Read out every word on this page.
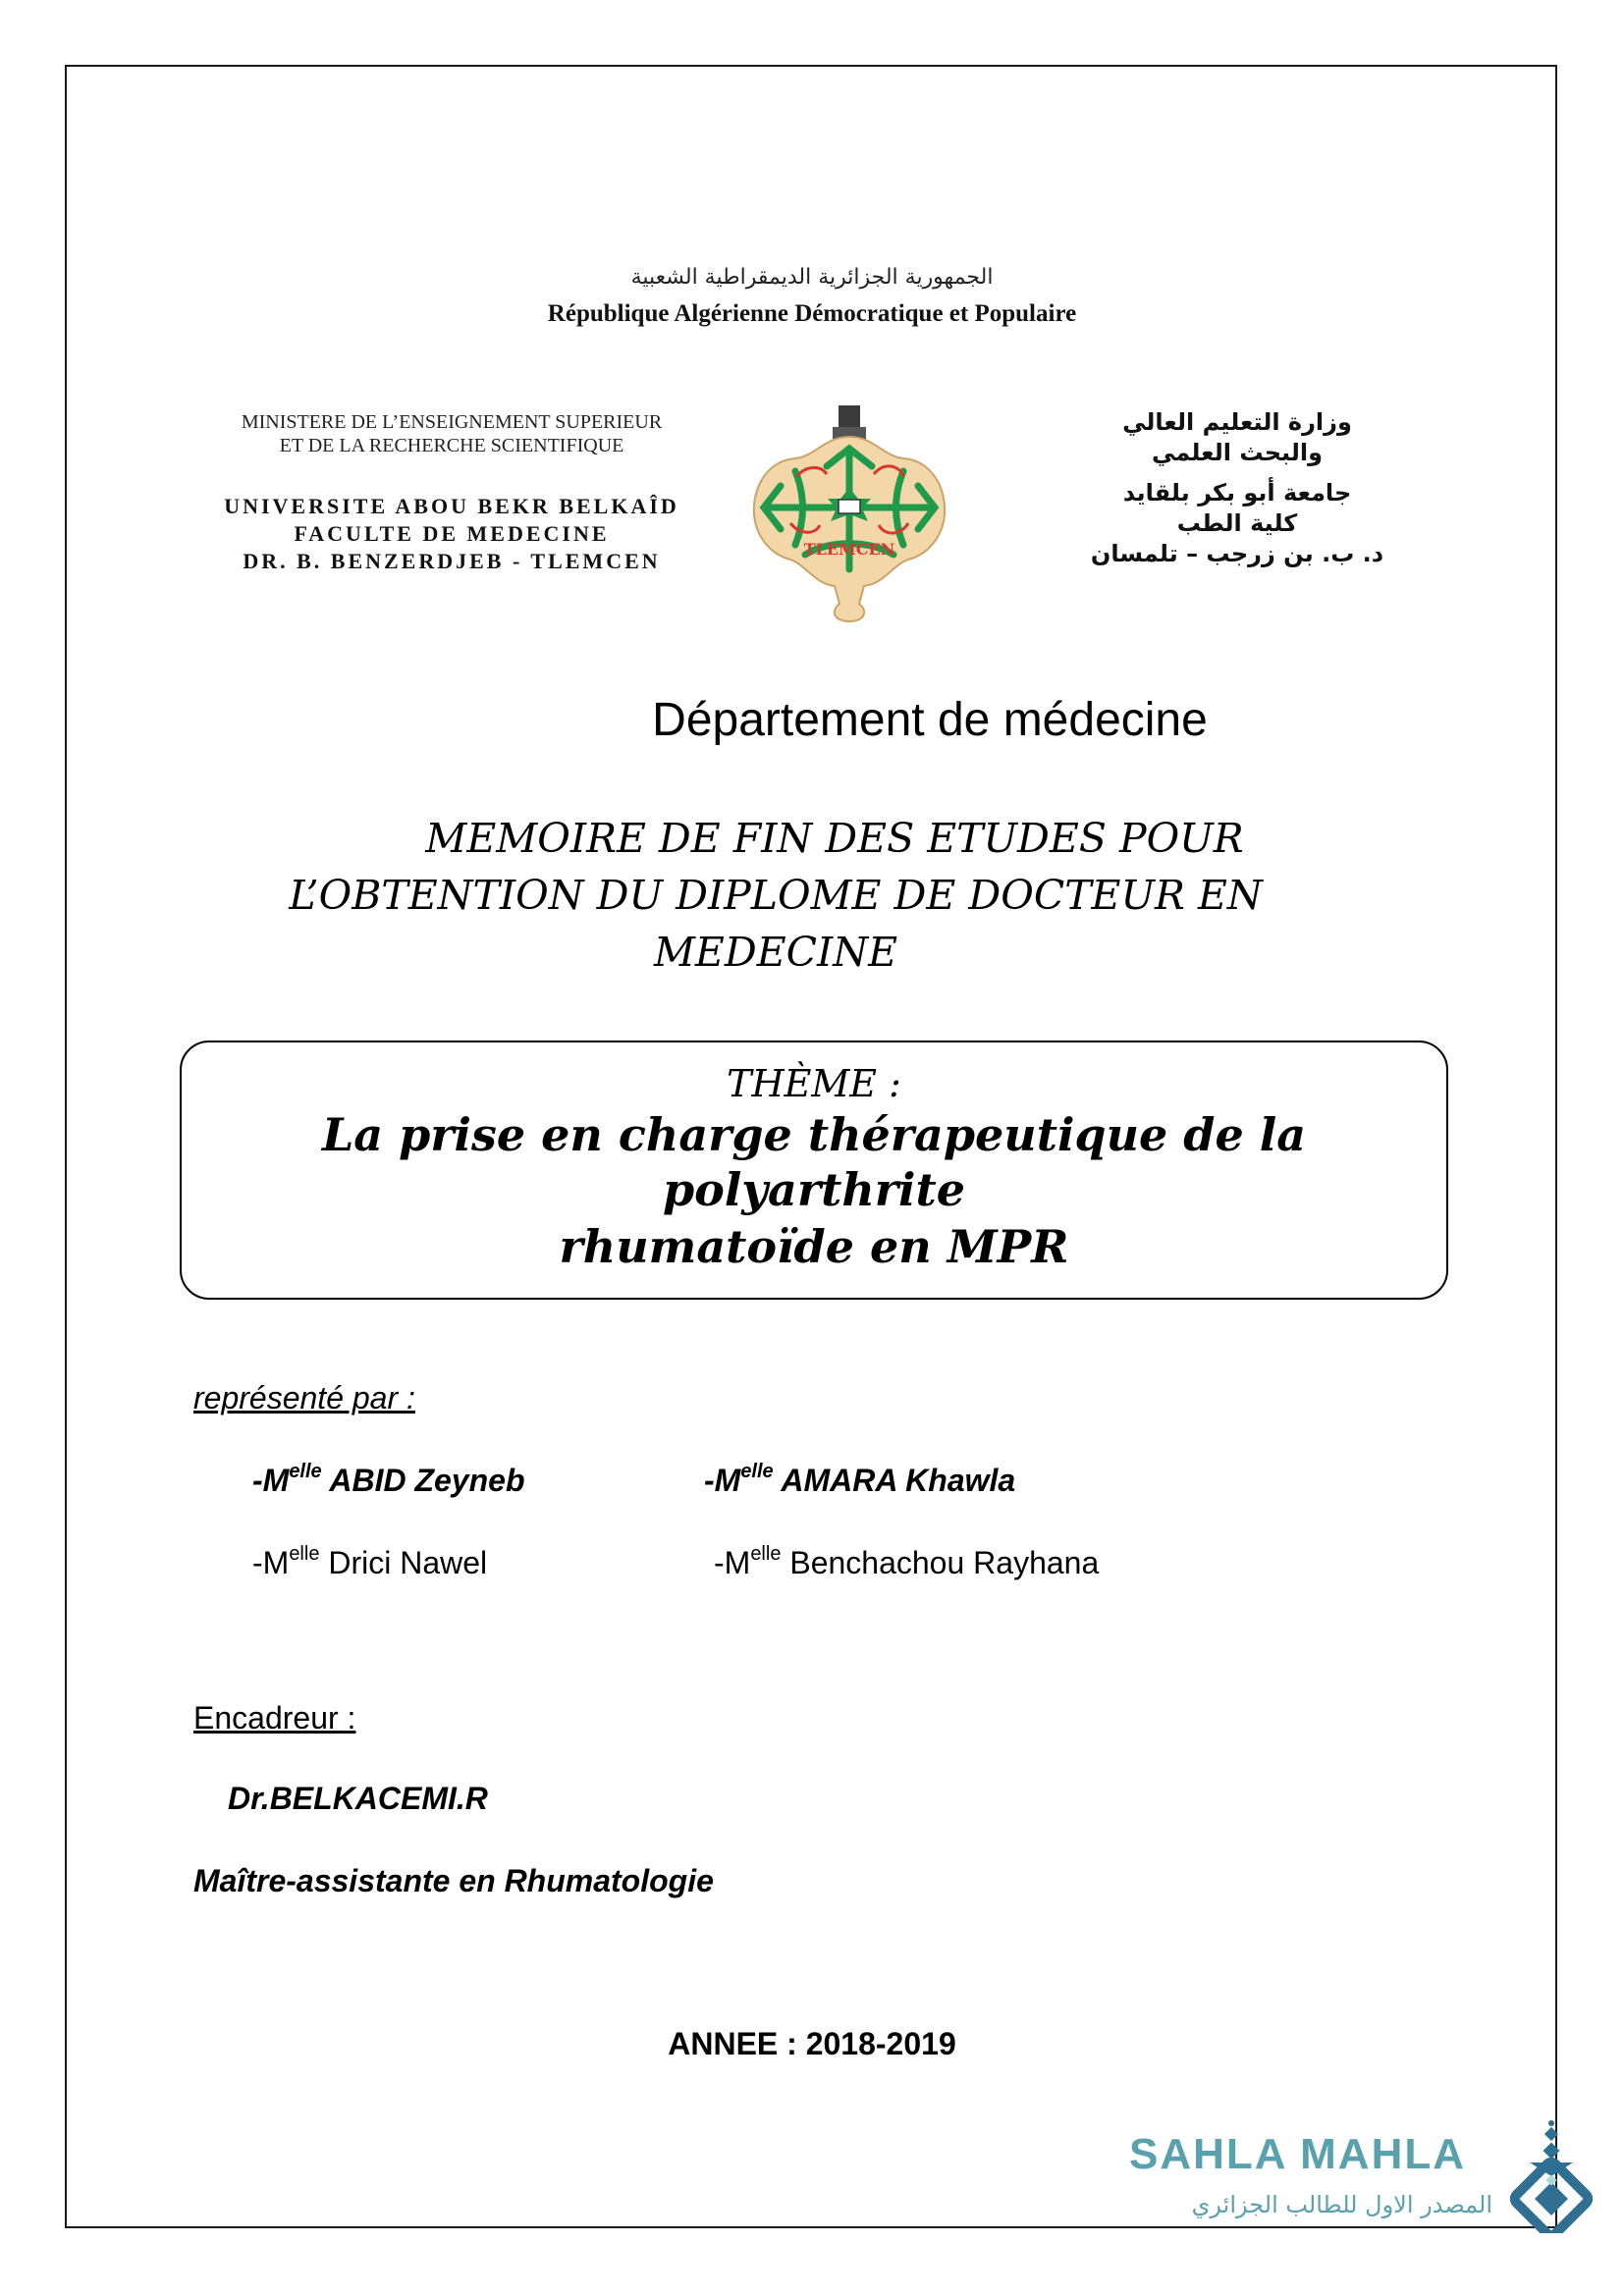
الجمهورية الجزائرية الديمقراطية الشعبية
République Algérienne Démocratique et Populaire
MINISTERE DE L’ENSEIGNEMENT SUPERIEUR
ET DE LA RECHERCHE SCIENTIFIQUE
UNIVERSITE ABOU BEKR BELKAÎD
FACULTE DE MEDECINE
DR. B. BENZERDJEB - TLEMCEN	TLEMCEN
وزارة التعليم العالي
والبحث العلمي
جامعة أبو بكر بلقايد
كلية الطب
د. ب. بن زرجب – تلمسان
Département de médecine
MEMOIRE DE FIN DES ETUDES POUR
L’OBTENTION DU DIPLOME DE DOCTEUR EN
MEDECINE
THÈME :
La prise en charge thérapeutique de la polyarthrite
rhumatoïde en MPR
représenté par :
$-M^{elle}$ ABID Zeyneb	$-M^{elle}$ AMARA Khawla
$-M^{elle}$ Drici Nawel	$-M^{elle}$ Benchachou Rayhana
Encadreur :
Dr.BELKACEMI.R
Maître-assistante en Rhumatologie
ANNEE : 2018-2019
SAHLA MAHLA
المصدر الاول للطالب الجزائري
